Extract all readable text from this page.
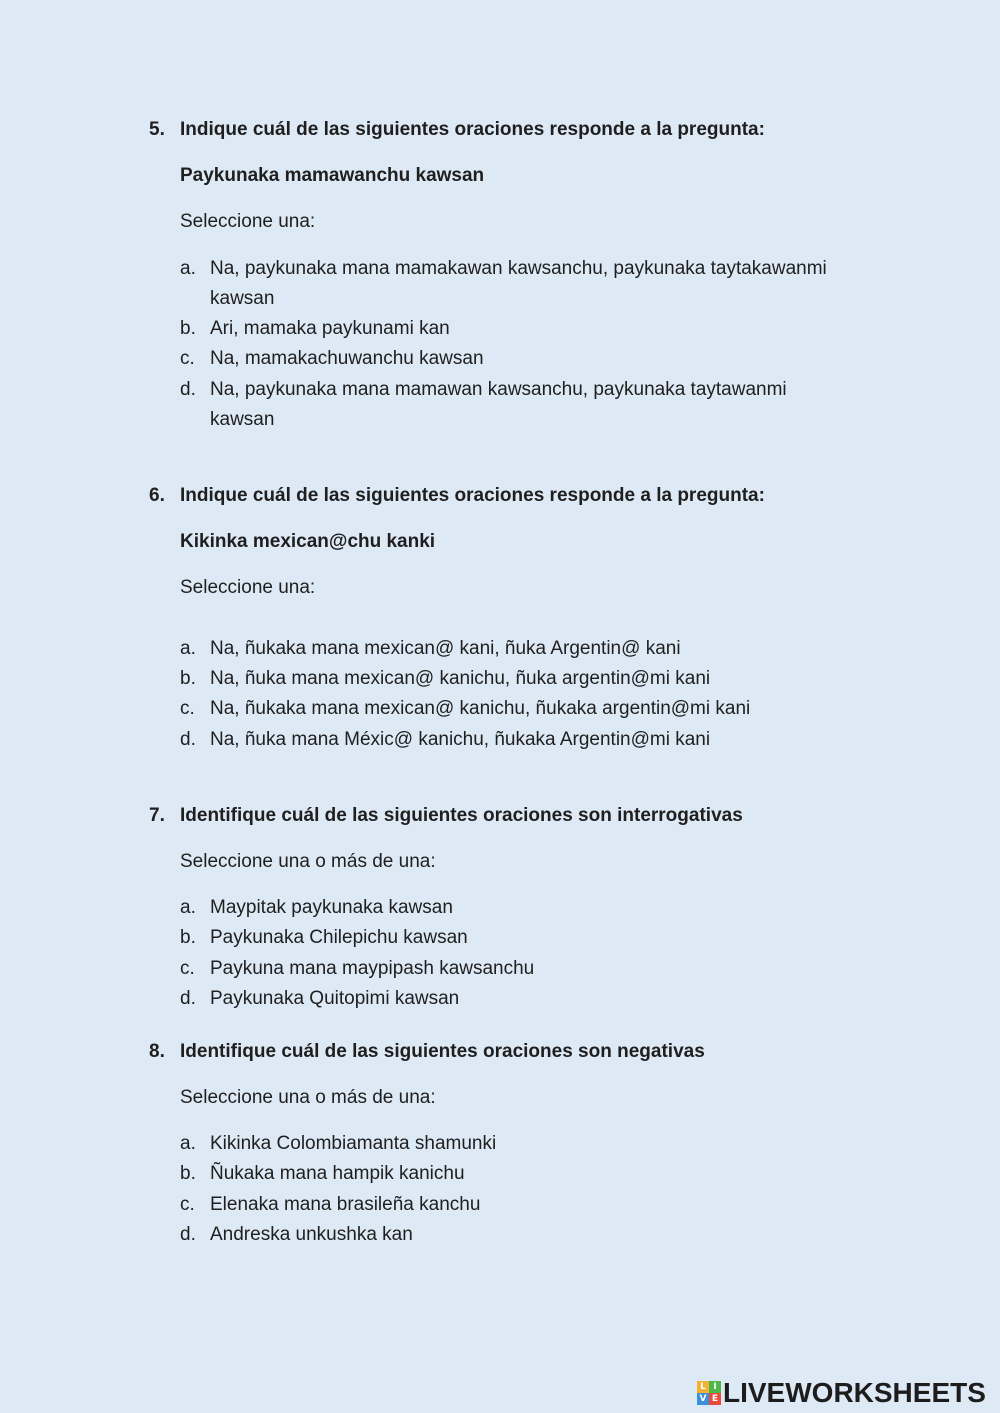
5. Indique cuál de las siguientes oraciones responde a la pregunta:
Paykunaka mamawanchu kawsan
Seleccione una:
a. Na, paykunaka mana mamakawan kawsanchu, paykunaka taytakawanmi kawsan
b. Ari, mamaka paykunami kan
c. Na, mamakachuwanchu kawsan
d. Na, paykunaka mana mamawan kawsanchu, paykunaka taytawanmi kawsan
6. Indique cuál de las siguientes oraciones responde a la pregunta:
Kikinka mexican@chu kanki
Seleccione una:
a. Na, ñukaka mana mexican@ kani, ñuka Argentin@ kani
b. Na, ñuka mana mexican@ kanichu, ñuka argentin@mi kani
c. Na, ñukaka mana mexican@ kanichu, ñukaka argentin@mi kani
d. Na, ñuka mana Méxic@ kanichu, ñukaka Argentin@mi kani
7. Identifique cuál de las siguientes oraciones son interrogativas
Seleccione una o más de una:
a. Maypitak paykunaka kawsan
b. Paykunaka Chilepichu kawsan
c. Paykuna mana maypipash kawsanchu
d. Paykunaka Quitopimi kawsan
8. Identifique cuál de las siguientes oraciones son negativas
Seleccione una o más de una:
a. Kikinka Colombiamanta shamunki
b. Ñukaka mana hampik kanichu
c. Elenaka mana brasileña kanchu
d. Andreska unkushka kan
L I
V E LIVEWORKSHEETS
